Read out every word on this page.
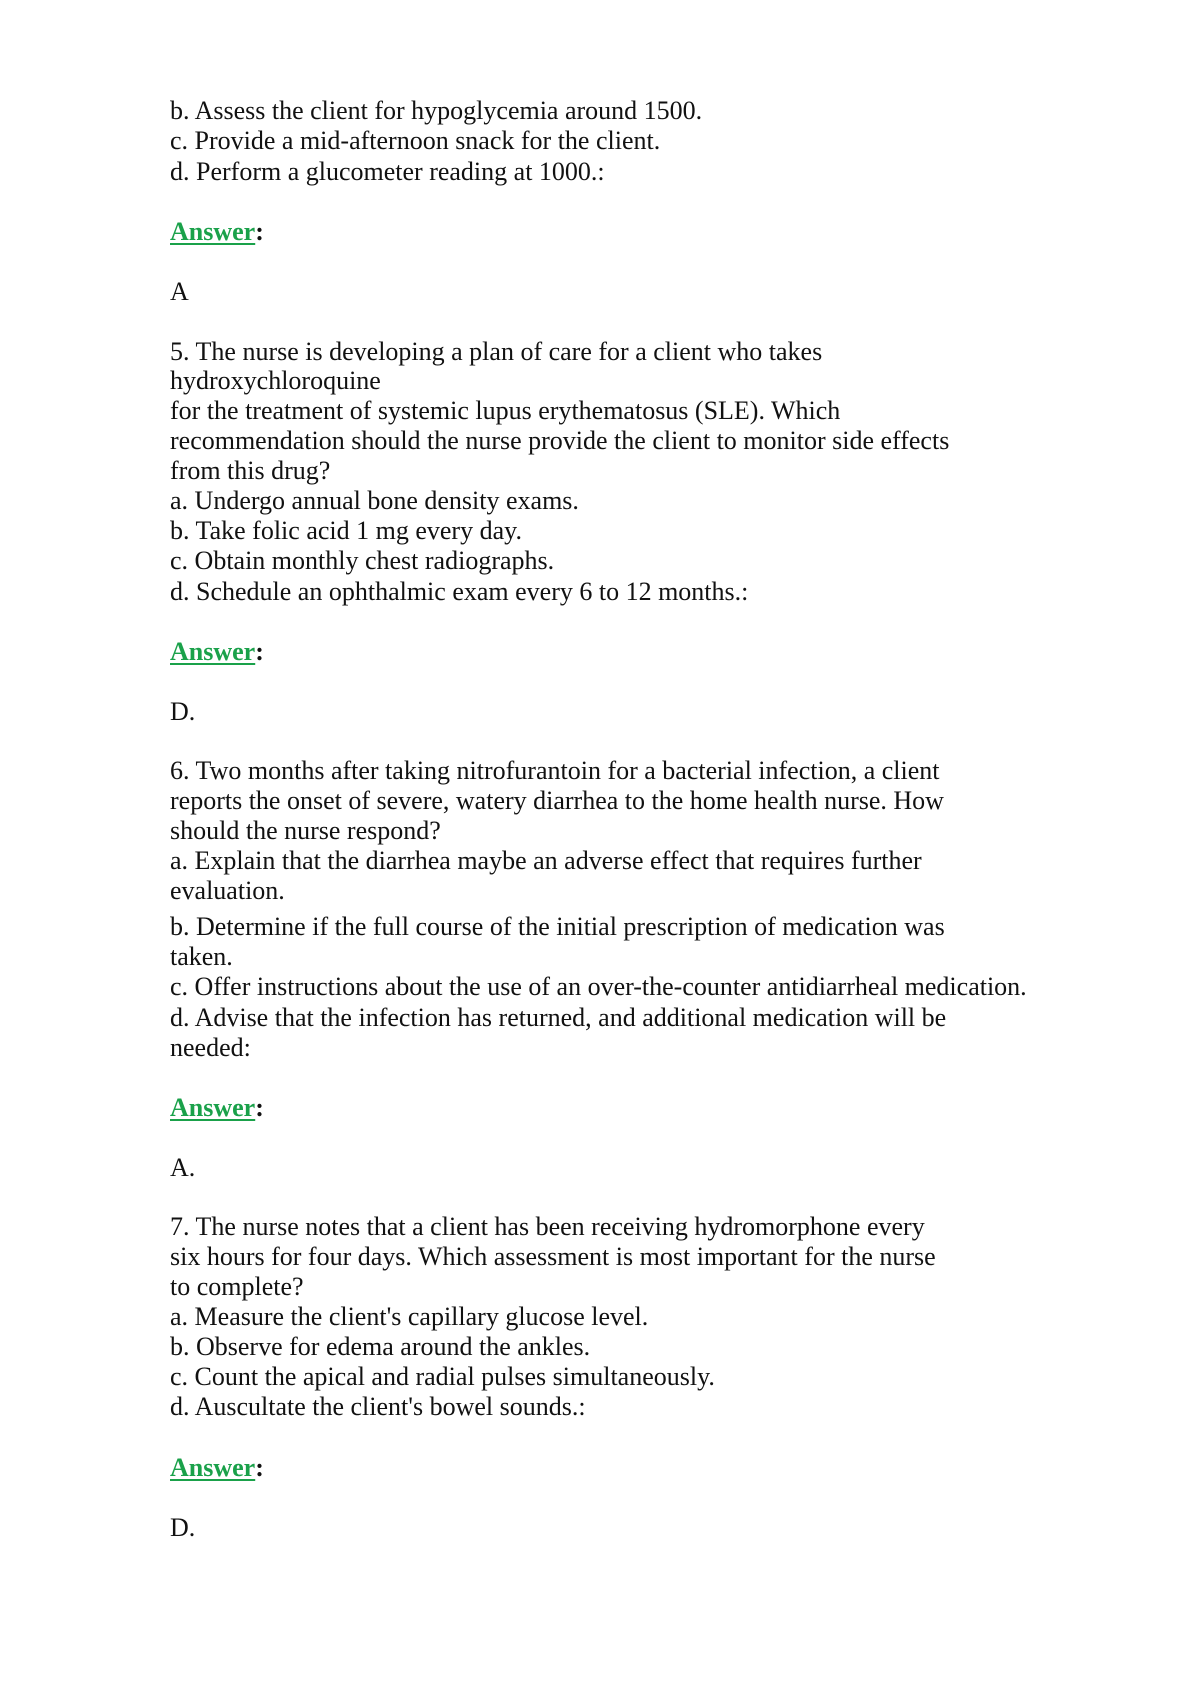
b. Assess the client for hypoglycemia around 1500.
c. Provide a mid-afternoon snack for the client.
d. Perform a glucometer reading at 1000.:
Answer:
A
5. The nurse is developing a plan of care for a client who takes
hydroxychloroquine
for the treatment of systemic lupus erythematosus (SLE). Which
recommendation should the nurse provide the client to monitor side effects
from this drug?
a. Undergo annual bone density exams.
b. Take folic acid 1 mg every day.
c. Obtain monthly chest radiographs.
d. Schedule an ophthalmic exam every 6 to 12 months.:
Answer:
D.
6. Two months after taking nitrofurantoin for a bacterial infection, a client
reports the onset of severe, watery diarrhea to the home health nurse. How
should the nurse respond?
a. Explain that the diarrhea maybe an adverse effect that requires further
evaluation.
b. Determine if the full course of the initial prescription of medication was
taken.
c. Offer instructions about the use of an over-the-counter antidiarrheal medication.
d. Advise that the infection has returned, and additional medication will be
needed:
Answer:
A.
7. The nurse notes that a client has been receiving hydromorphone every
six hours for four days. Which assessment is most important for the nurse
to complete?
a. Measure the client's capillary glucose level.
b. Observe for edema around the ankles.
c. Count the apical and radial pulses simultaneously.
d. Auscultate the client's bowel sounds.:
Answer:
D.
